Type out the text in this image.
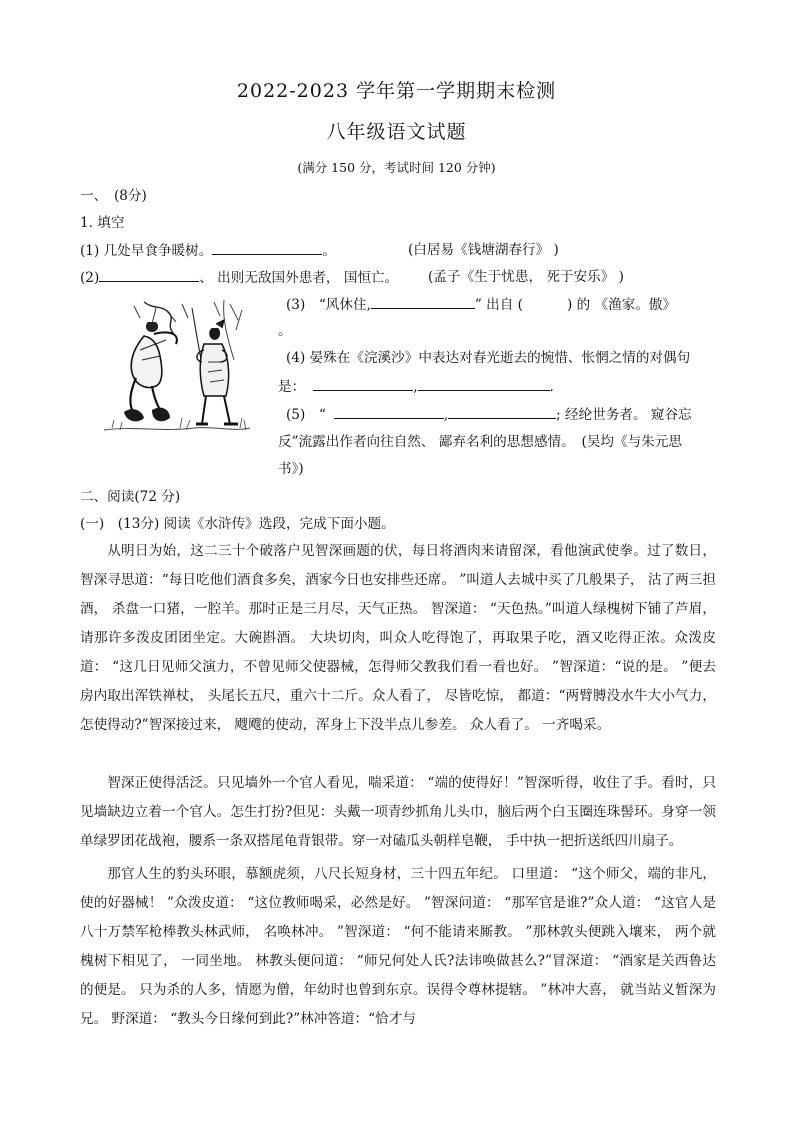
2022-2023 学年第一学期期末检测
八年级语文试题
(满分 150 分，考试时间 120 分钟)
一、　(8分)
1. 填空
(1) 几处早食争暖树。	。	(白居易《钱塘湖春行》 )
(2)	、 出则无敌国外患者， 国恒亡。 (孟子《生于忧患， 死于安乐》 )
(3)　“风休住,	” 出自 (	) 的 《渔家。傲》
。
(4) 晏殊在《浣溪沙》中表达对春光逝去的惋惜、怅惘之情的对偶句
是：	,	.
(5)　“	,	; 经纶世务者。 窥谷忘
反”流露出作者向往自然、 鄙弃名利的思想感情。　(吴均《与朱元思
书》)
二、阅读(72 分)
(一)　(13分) 阅读《水浒传》选段，完成下面小题。
从明日为始，这二三十个破落户见智深画题的伏，每日将酒肉来请留深，看他演武使拳。过了数日，智深寻思道：“每日吃他们酒食多矣，酒家今日也安排些还席。 ”叫道人去城中买了几般果子， 沽了两三担酒， 杀盘一口猪，一腔羊。那时正是三月尽，天气正热。 智深道： “天色热。”叫道人绿槐树下铺了芦眉，请那许多泼皮团团坐定。大碗斟酒。 大块切肉，叫众人吃得饱了，再取果子吃，酒又吃得正浓。众泼皮道： “这几日见师父演力，不曾见师父使器械，怎得师父教我们看一看也好。 ”智深道：“说的是。 ”便去房内取出浑铁禅杖， 头尾长五尺，重六十二斤。众人看了， 尽皆吃惊， 都道：“两臂膊没水牛大小气力， 怎使得动?”智深接过来， 飕飕的使动，浑身上下没半点儿参差。 众人看了。 一齐喝采。
智深正使得活泛。只见墙外一个官人看见，喘采道： “端的使得好！”智深听得，收住了手。看时，只见墙缺边立着一个官人。怎生打扮?但见：头戴一项青纱抓角儿头巾，脑后两个白玉圈连珠髻环。身穿一领单绿罗团花战袍，腰系一条双搭尾龟背银带。穿一对磕瓜头朝样皂鞭， 手中执一把折送纸四川扇子。
那官人生的豹头环眼，慕额虎须，八尺长短身材，三十四五年纪。 口里道： “这个师父，端的非凡，使的好器械！ ”众泼皮道： “这位教师喝采，必然是好。 ”智深问道： “那军官是谁?”众人道： “这官人是八十万禁军枪棒教头林武师， 名唤林冲。 ”智深道： “何不能请来厮教。 ”那林敦头便跳入壤来， 两个就槐树下相见了， 一同坐地。 林教头便问道： “师兄何处人氏?法讳唤做甚么?”冒深道： “酒家是关西鲁达的便是。 只为杀的人多，情愿为僧，年幼时也曾到东京。误得令尊林提辖。 ”林冲大喜， 就当站义暂深为兄。 野深道： “教头今日缘何到此?”林冲答道：“恰才与
